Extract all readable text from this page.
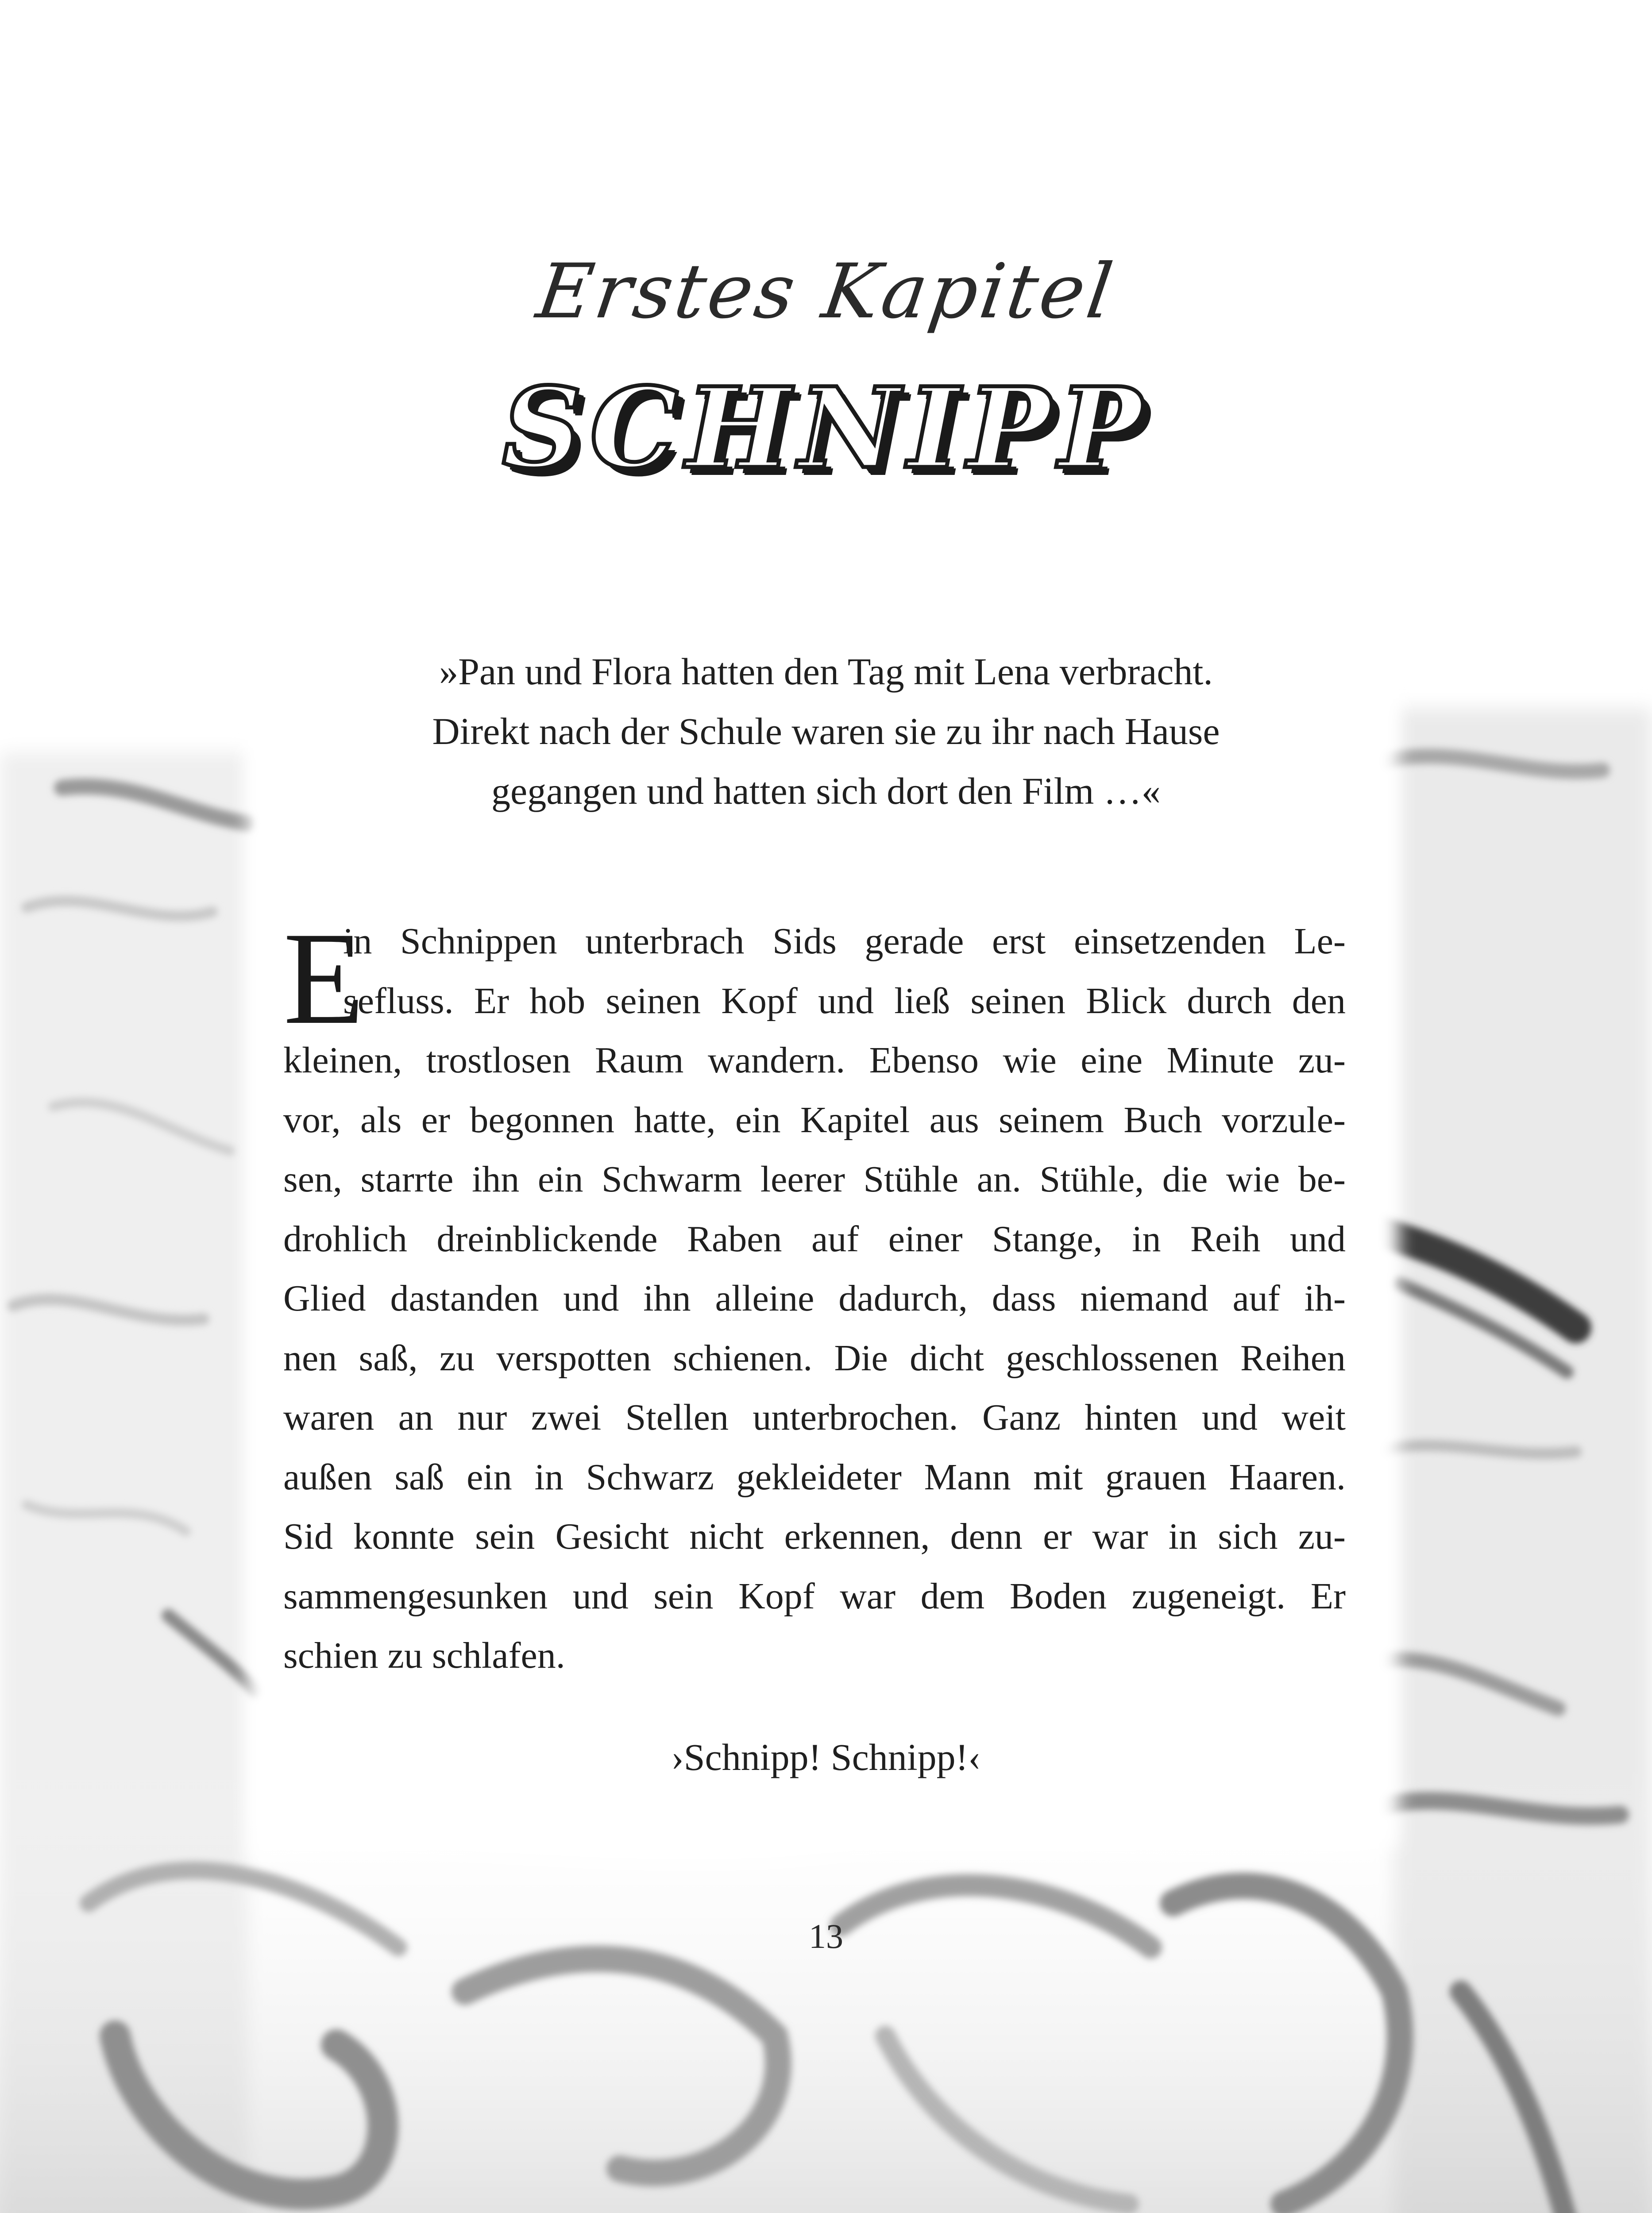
Erstes Kapitel
SCHNIPP
»Pan und Flora hatten den Tag mit Lena verbracht.
Direkt nach der Schule waren sie zu ihr nach Hause
gegangen und hatten sich dort den Film …«
E
in Schnippen unterbrach Sids gerade erst einsetzenden Le-
sefluss. Er hob seinen Kopf und ließ seinen Blick durch den
kleinen, trostlosen Raum wandern. Ebenso wie eine Minute zu-
vor, als er begonnen hatte, ein Kapitel aus seinem Buch vorzule-
sen, starrte ihn ein Schwarm leerer Stühle an. Stühle, die wie be-
drohlich dreinblickende Raben auf einer Stange, in Reih und
Glied dastanden und ihn alleine dadurch, dass niemand auf ih-
nen saß, zu verspotten schienen. Die dicht geschlossenen Reihen
waren an nur zwei Stellen unterbrochen. Ganz hinten und weit
außen saß ein in Schwarz gekleideter Mann mit grauen Haaren.
Sid konnte sein Gesicht nicht erkennen, denn er war in sich zu-
sammengesunken und sein Kopf war dem Boden zugeneigt. Er
schien zu schlafen.
›Schnipp! Schnipp!‹
13
